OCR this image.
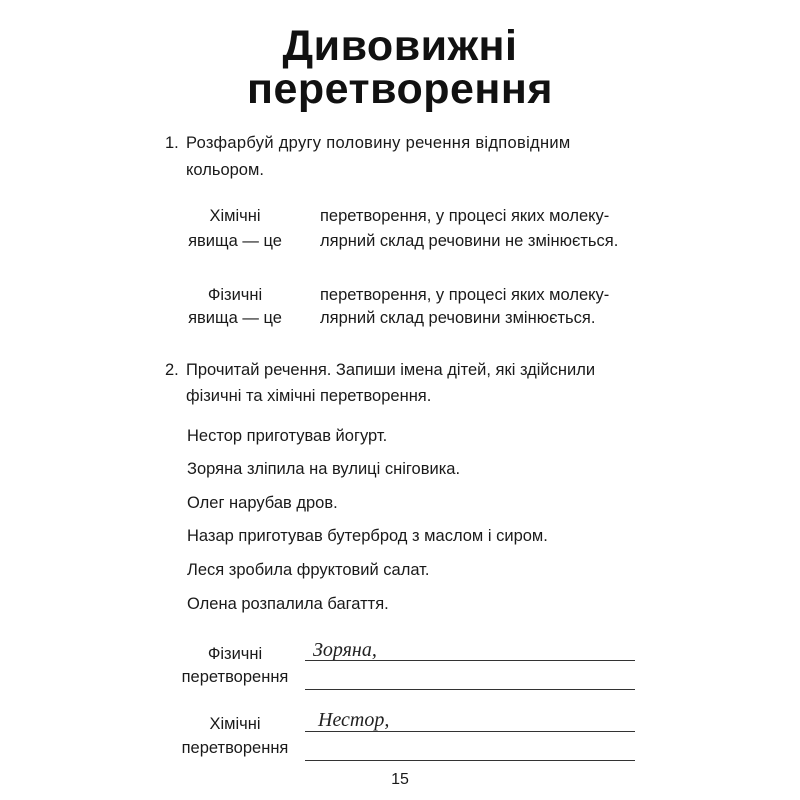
Дивовижні
перетворення
1. Розфарбуй другу половину речення відповідним
кольором.
Хімічні
явища — це
перетворення, у процесі яких молеку-
лярний склад речовини не змінюється.
Фізичні
явища — це
перетворення, у процесі яких молеку-
лярний склад речовини змінюється.
2. Прочитай речення. Запиши імена дітей, які здійснили
фізичні та хімічні перетворення.
Нестор приготував йогурт.
Зоряна зліпила на вулиці сніговика.
Олег нарубав дров.
Назар приготував бутерброд з маслом і сиром.
Леся зробила фруктовий салат.
Олена розпалила багаття.
Фізичні
перетворення
Зоряна,
Хімічні
перетворення
Нестор,
15
